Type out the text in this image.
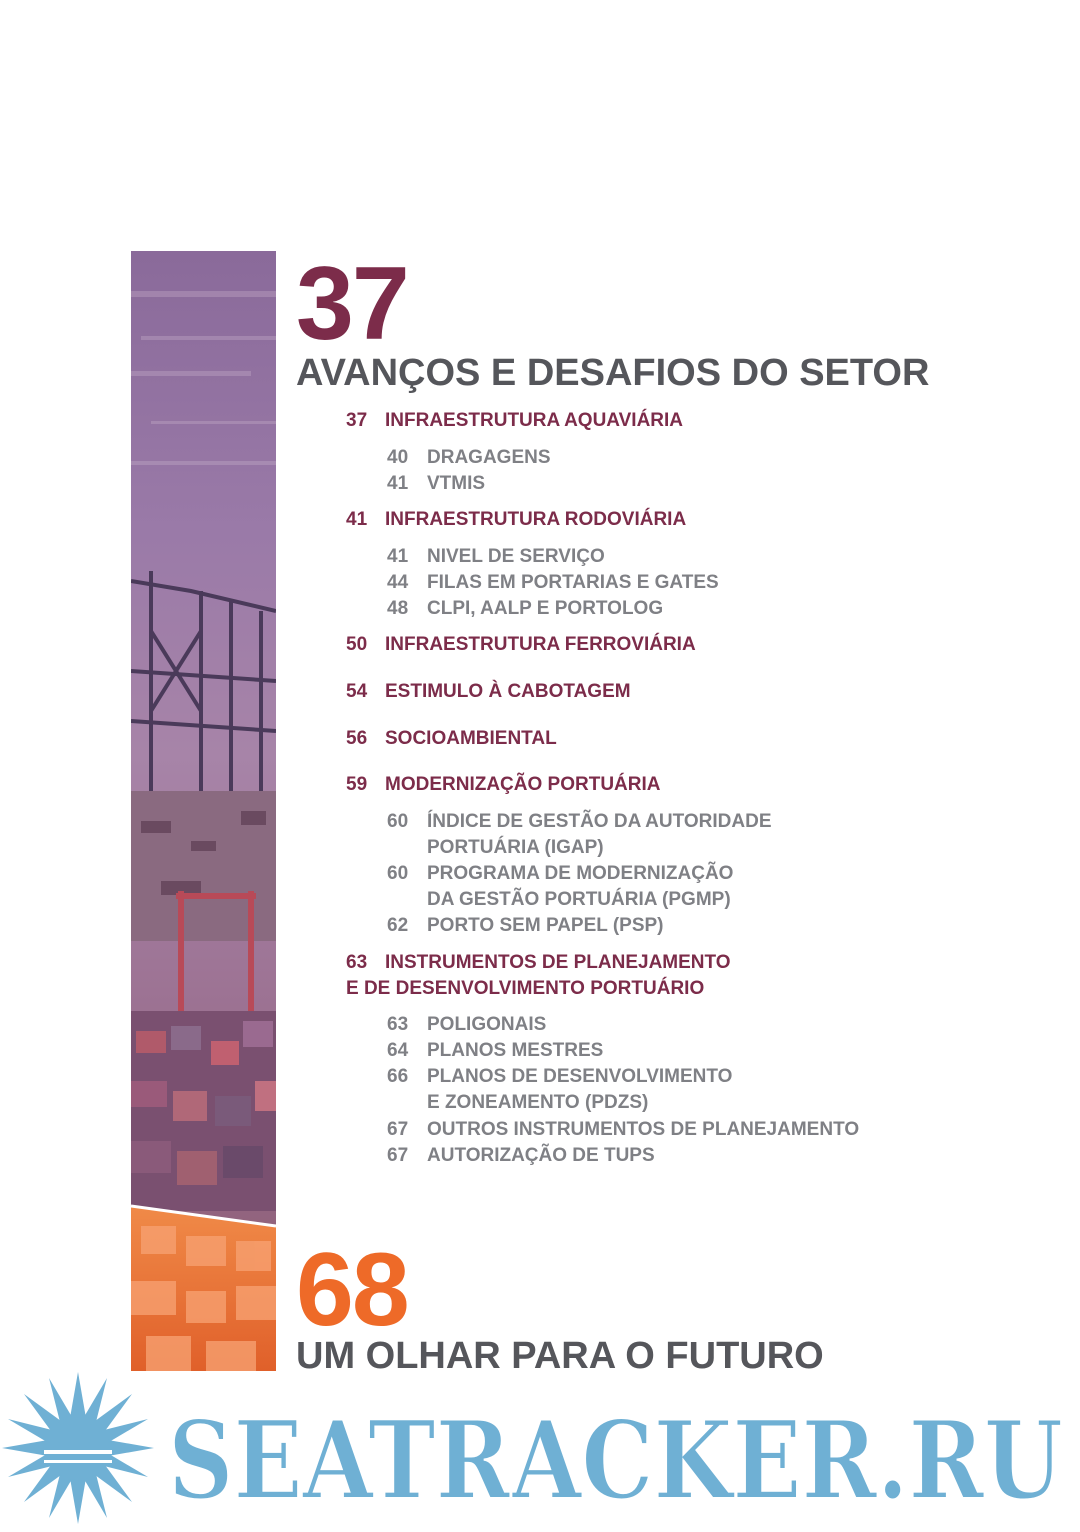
37
AVANÇOS E DESAFIOS DO SETOR
37 INFRAESTRUTURA AQUAVIÁRIA
40 DRAGAGENS
41 VTMIS
41 INFRAESTRUTURA RODOVIÁRIA
41 NIVEL DE SERVIÇO
44 FILAS EM PORTARIAS E GATES
48 CLPI, AALP E PORTOLOG
50 INFRAESTRUTURA FERROVIÁRIA
54 ESTIMULO À CABOTAGEM
56 SOCIOAMBIENTAL
59 MODERNIZAÇÃO PORTUÁRIA
60 ÍNDICE DE GESTÃO DA AUTORIDADE
PORTUÁRIA (IGAP)
60 PROGRAMA DE MODERNIZAÇÃO
DA GESTÃO PORTUÁRIA (PGMP)
62 PORTO SEM PAPEL (PSP)
63 INSTRUMENTOS DE PLANEJAMENTO
E DE DESENVOLVIMENTO PORTUÁRIO
63 POLIGONAIS
64 PLANOS MESTRES
66 PLANOS DE DESENVOLVIMENTO
E ZONEAMENTO (PDZS)
67 OUTROS INSTRUMENTOS DE PLANEJAMENTO
67 AUTORIZAÇÃO DE TUPS
68
UM OLHAR PARA O FUTURO
SEATRACKER.RU
